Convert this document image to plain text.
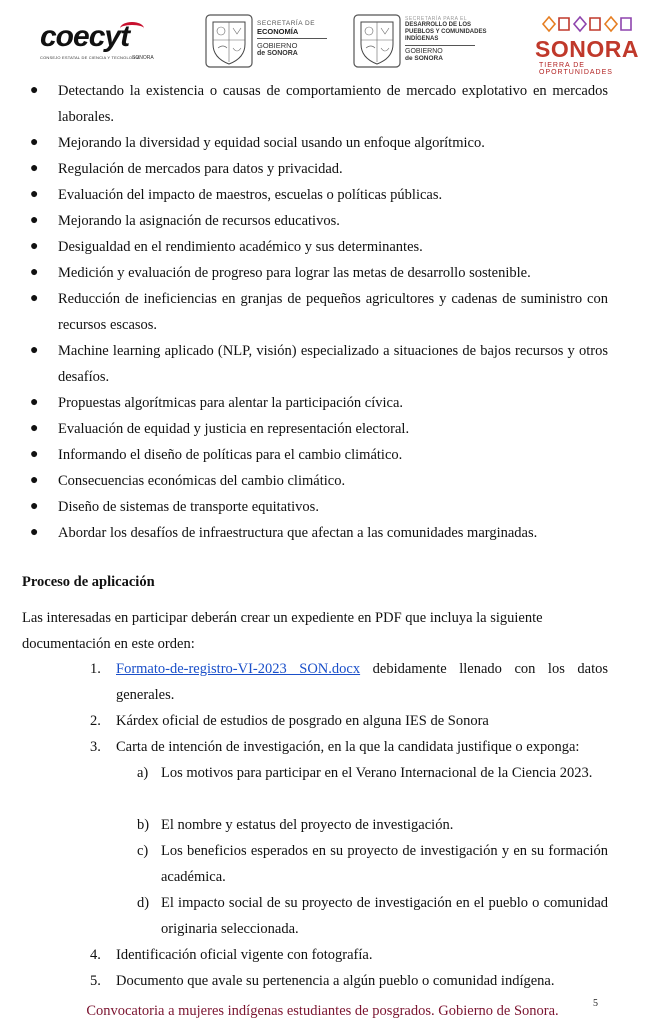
coecyt
CONSEJO ESTATAL DE CIENCIA Y TECNOLOGÍA
SONORA
SECRETARÍA DE
ECONOMÍA
GOBIERNO
de SONORA
SECRETARÍA PARA EL
DESARROLLO DE LOS
PUEBLOS Y COMUNIDADES
INDÍGENAS
GOBIERNO
de SONORA	SONORA
TIERRA DE OPORTUNIDADES
● Detectando la existencia o causas de comportamiento de mercado explotativo en mercados laborales.
● Mejorando la diversidad y equidad social usando un enfoque algorítmico.
● Regulación de mercados para datos y privacidad.
● Evaluación del impacto de maestros, escuelas o políticas públicas.
● Mejorando la asignación de recursos educativos.
● Desigualdad en el rendimiento académico y sus determinantes.
● Medición y evaluación de progreso para lograr las metas de desarrollo sostenible.
● Reducción de ineficiencias en granjas de pequeños agricultores y cadenas de suministro con recursos escasos.
● Machine learning aplicado (NLP, visión) especializado a situaciones de bajos recursos y otros desafíos.
● Propuestas algorítmicas para alentar la participación cívica.
● Evaluación de equidad y justicia en representación electoral.
● Informando el diseño de políticas para el cambio climático.
● Consecuencias económicas del cambio climático.
● Diseño de sistemas de transporte equitativos.
● Abordar los desafíos de infraestructura que afectan a las comunidades marginadas.
Proceso de aplicación
Las interesadas en participar deberán crear un expediente en PDF que incluya la siguiente documentación en este orden:
1. Formato-de-registro-VI-2023 SON.docx debidamente llenado con los datos generales.
2. Kárdex oficial de estudios de posgrado en alguna IES de Sonora
3. Carta de intención de investigación, en la que la candidata justifique o exponga:
a) Los motivos para participar en el Verano Internacional de la Ciencia 2023.
b) El nombre y estatus del proyecto de investigación.
c) Los beneficios esperados en su proyecto de investigación y en su formación académica.
d) El impacto social de su proyecto de investigación en el pueblo o comunidad originaria seleccionada.
4. Identificación oficial vigente con fotografía.
5. Documento que avale su pertenencia a algún pueblo o comunidad indígena.
Convocatoria a mujeres indígenas estudiantes de posgrados. Gobierno de Sonora.	5
